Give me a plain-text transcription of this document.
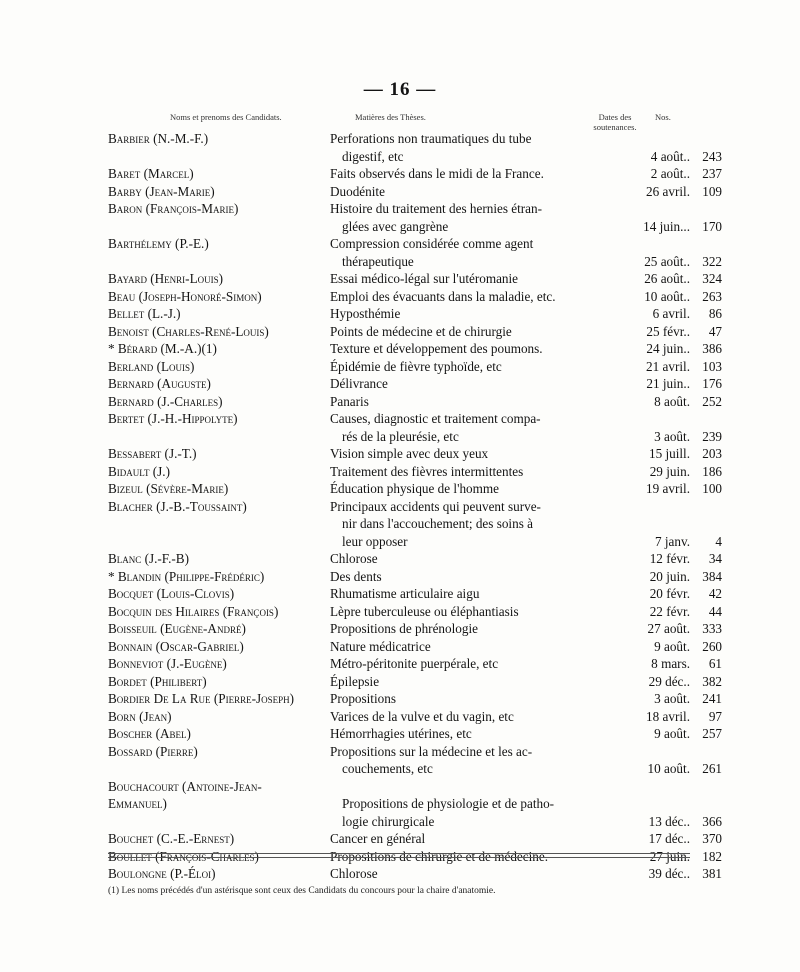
— 16 —
Noms et prenoms des Candidats.	Matières des Thèses.	Dates des soutenances.
Nos.
Barbier (N.-M.-F.)	Perforations non traumatiques du tube
digestif, etc	4 août.. 243
Baret (Marcel)	Faits observés dans le midi de la France.	2 août.. 237
Barby (Jean-Marie)	Duodénite	26 avril. 109
Baron (François-Marie)	Histoire du traitement des hernies étran-
glées avec gangrène	14 juin... 170
Barthélemy (P.-E.)	Compression considérée comme agent
thérapeutique	25 août.. 322
Bayard (Henri-Louis)	Essai médico-légal sur l'utéromanie	26 août.. 324
Beau (Joseph-Honoré-Simon)	Emploi des évacuants dans la maladie, etc.	10 août.. 263
Bellet (L.-J.)	Hyposthémie	6 avril.	86
Benoist (Charles-René-Louis)	Points de médecine et de chirurgie	25 févr..	47
* Bérard (M.-A.)(1)	Texture et développement des poumons.	24 juin.. 386
Berland (Louis)	Épidémie de fièvre typhoïde, etc	21 avril. 103
Bernard (Auguste)	Délivrance	21 juin.. 176
Bernard (J.-Charles)	Panaris	8 août. 252
Bertet (J.-H.-Hippolyte)	Causes, diagnostic et traitement compa-
rés de la pleurésie, etc	3 août. 239
Bessabert (J.-T.)	Vision simple avec deux yeux	15 juill. 203
Bidault (J.)	Traitement des fièvres intermittentes	29 juin. 186
Bizeul (Sévère-Marie)	Éducation physique de l'homme	19 avril. 100
Blacher (J.-B.-Toussaint)	Principaux accidents qui peuvent surve-
nir dans l'accouchement; des soins à
leur opposer	7 janv.	4
Blanc (J.-F.-B)	Chlorose	12 févr.	34
* Blandin (Philippe-Frédéric)	Des dents	20 juin. 384
Bocquet (Louis-Clovis)	Rhumatisme articulaire aigu	20 févr.	42
Bocquin des Hilaires (François)	Lèpre tuberculeuse ou éléphantiasis	22 févr.	44
Boisseuil (Eugène-André)	Propositions de phrénologie	27 août. 333
Bonnain (Oscar-Gabriel)	Nature médicatrice	9 août. 260
Bonneviot (J.-Eugène)	Métro-péritonite puerpérale, etc	8 mars.	61
Bordet (Philibert)	Épilepsie	29 déc.. 382
Bordier De La Rue (Pierre-Joseph)	Propositions	3 août. 241
Born (Jean)	Varices de la vulve et du vagin, etc	18 avril.	97
Boscher (Abel)	Hémorrhagies utérines, etc	9 août. 257
Bossard (Pierre)	Propositions sur la médecine et les ac-
couchements, etc	10 août. 261
Bouchacourt (Antoine-Jean-Emmanuel)	Propositions de physiologie et de patho-
logie chirurgicale	13 déc.. 366
Bouchet (C.-E.-Ernest)	Cancer en général	17 déc.. 370
Boullet (François-Charles)	Propositions de chirurgie et de médecine.	27 juin. 182
Boulongne (P.-Éloi)	Chlorose	39 déc.. 381
(1) Les noms précédés d'un astérisque sont ceux des Candidats du concours pour la chaire d'anatomie.
